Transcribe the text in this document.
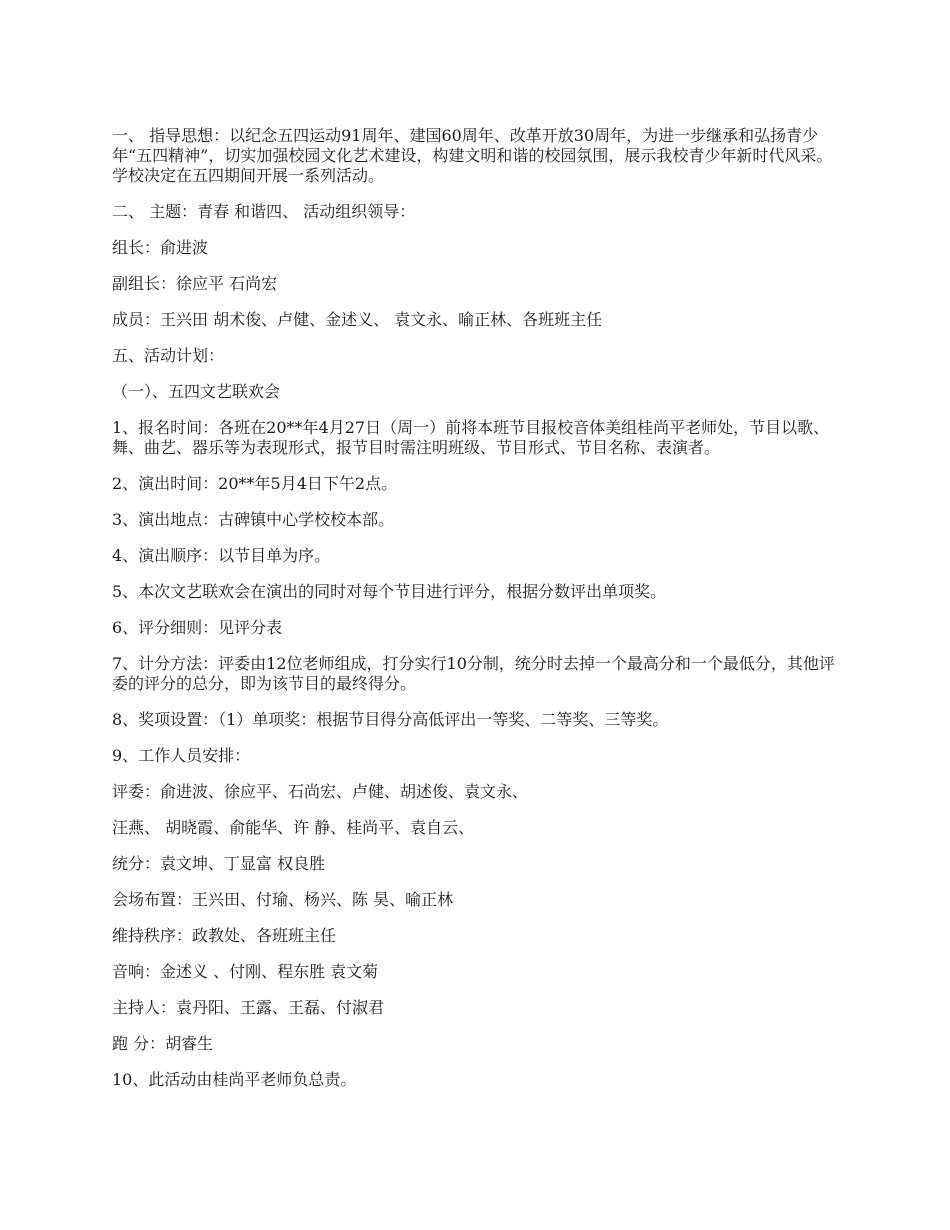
一、 指导思想：以纪念五四运动91周年、建国60周年、改革开放30周年，为进一步继承和弘扬青少年“五四精神”，切实加强校园文化艺术建设，构建文明和谐的校园氛围，展示我校青少年新时代风采。学校决定在五四期间开展一系列活动。

二、 主题：青春 和谐四、 活动组织领导：

组长：俞进波

副组长：徐应平 石尚宏

成员：王兴田 胡术俊、卢健、金述义、 袁文永、喻正林、各班班主任

五、活动计划：

（一）、五四文艺联欢会

1、报名时间：各班在20**年4月27日（周一）前将本班节目报校音体美组桂尚平老师处，节目以歌、舞、曲艺、器乐等为表现形式，报节目时需注明班级、节目形式、节目名称、表演者。

2、演出时间：20**年5月4日下午2点。

3、演出地点：古碑镇中心学校校本部。

4、演出顺序：以节目单为序。

5、本次文艺联欢会在演出的同时对每个节目进行评分，根据分数评出单项奖。

6、评分细则：见评分表

7、计分方法：评委由12位老师组成，打分实行10分制，统分时去掉一个最高分和一个最低分，其他评委的评分的总分，即为该节目的最终得分。

8、奖项设置：（1）单项奖：根据节目得分高低评出一等奖、二等奖、三等奖。

9、工作人员安排：

评委：俞进波、徐应平、石尚宏、卢健、胡述俊、袁文永、

汪燕、 胡晓霞、俞能华、许 静、桂尚平、袁自云、

统分：袁文坤、丁显富 权良胜

会场布置：王兴田、付瑜、杨兴、陈 昊、喻正林

维持秩序：政教处、各班班主任

音响：金述义 、付刚、程东胜 袁文菊

主持人：袁丹阳、王露、王磊、付淑君

跑 分：胡睿生

10、此活动由桂尚平老师负总责。
